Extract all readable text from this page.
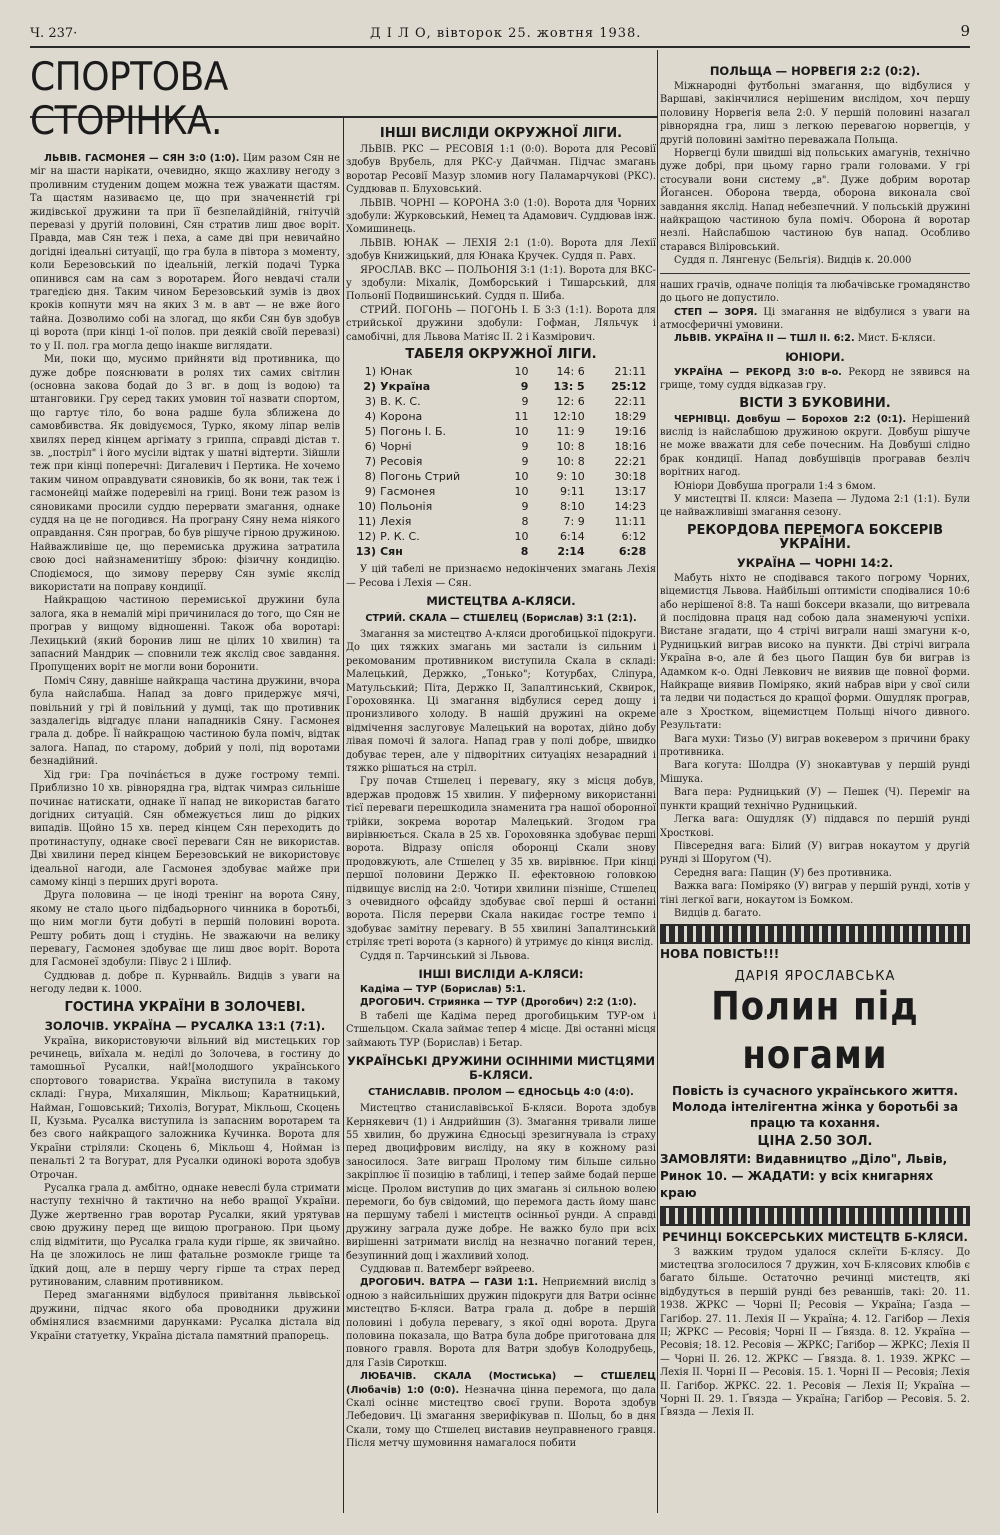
Ч. 237·	Д І Л О, вівторок 25. жовтня 1938.	9
СПОРТОВА СТОРІНКА.

ЛЬВІВ. ГАСМОНЕЯ — СЯН 3:0 (1:0). Цим разом Сян не міг на шасти нарікати, очевидно, якщо жахливу негоду з проливним студеним дощем можна теж уважати щастям. Та щастям називаємо це, що при значеннєтій грі жидівської дружини та при її безпелайдійній, гнітучій перевазі у другій половині, Сян стратив лиш двоє воріт. Правда, мав Сян теж і пеха, а саме дві при невичайно догідні ідеальні ситуації, що гра була в півтора з моменту, коли Березовський по ідеальній, легкій подачі Турка опинився сам на сам з воротарем. Його невдачі стали трагедією дня. Таким чином Березовський зумів із двох кроків копнути мяч на яких 3 м. в авт — не вже його тайна. Дозволимо собі на злогад, що якби Сян був здобув ці ворота (при кінці 1-ої полов. при деякій своїй перевазі) то у II. пол. гра могла дещо інакше виглядати.

Ми, поки що, мусимо прийняти від противника, що дуже добре пояснювати в ролях тих самих світлин (основна закова бодай до 3 вг. в дощ із водою) та штанговики. Гру серед таких умовин тої назвати спортом, що гартує тіло, бо вона радше була зближена до самовбивства. Як довідуємося, Турко, якому ліпар велів хвилях перед кінцем аргімату з гриппа, справді дістав т. зв. „постріл" і його мусіли відтак у шатні відтерти. Зійшли теж при кінці поперечні: Дигалевич і Пертика. Не хочемо таким чином оправдувати сяновиків, бо як вони, так теж і гасмонейці майже подеревілі на гриці. Вони теж разом із сяновиками просили суддю перервати змагання, однаке суддя на це не погодився. На програну Сяну нема ніякого оправдання. Сян програв, бо був рішуче гірною дружиною. Найважливіше це, що перемиська дружина затратила свою досі найзнаменитішу зброю: фізичну кондицію. Сподіємося, що зимову перерву Сян зуміє якслід використати на поправу кондиції.

Найкращою частиною перемиської дружини була залога, яка в немалій мірі причинилася до того, що Сян не програв у вищому відношенні. Також оба воротарі: Лехицький (який боронив лиш не цілих 10 хвилин) та запасний Мандрик — сповнили теж якслід своє завдання. Пропущених воріт не могли вони боронити.

Поміч Сяну, давніше найкраща частина дружини, вчора була найслабша. Напад за довго придержує мячі, повільний у грі й повільний у думці, так що противник заздалегідь відгадує плани нападників Сяну. Гасмонея грала д. добре. Її найкращою частиною була поміч, відтак залога. Напад, по старому, добрий у полі, під воротами безнадійний.

Хід гри: Гра почináється в дуже гострому темпі. Приблизно 10 хв. рівнорядна гра, відтак чимраз сильніше починає натискати, однаке її напад не використав багато догідних ситуацій. Сян обмежується лиш до рідких випадів. Щойно 15 хв. перед кінцем Сян переходить до протинаступу, однаке своєї переваги Сян не використав. Дві хвилини перед кінцем Березовський не використовує ідеальної нагоди, але Гасмонея здобуває майже при самому кінці з перших другі ворота.

Друга половина — це іноді тренінг на ворота Сяну, якому не стало цього підбадьорного чинника в боротьбі, що ним могли бути добуті в першій половині ворота. Решту робить дощ і студінь. Не зважаючи на велику перевагу, Гасмонея здобуває ще лиш двоє воріт. Ворота для Гасмонеї здобули: Півус 2 і Шлиф.

Суддював д. добре п. Курнвайль. Видців з уваги на негоду ледви к. 1000.

ГОСТИНА УКРАЇНИ В ЗОЛОЧЕВІ.
ЗОЛОЧІВ. УКРАЇНА — РУСАЛКА 13:1 (7:1).

Україна, використовуючи вільний від мистецьких гор речинець, виїхала м. неділі до Золочева, в гостину до тамошньої Русалки, най![молодшого українського спортового товариства. Україна виступила в такому складі: Гнура, Михаляшин, Мікльош; Каратницький, Найман, Гошовський; Тихоліз, Вогурат, Мікльош, Скоцень II, Кузьма. Русалка виступила із запасним воротарем та без свого найкращого заложника Кучинка. Ворота для України стріляли: Скоцень 6, Мікльош 4, Нойман із пенальті 2 та Вогурат, для Русалки одинокі ворота здобув Отрочан.

Русалка грала д. амбітно, однаке невеслі була стримати наступу технічно й тактично на небо вращої України. Дуже жертвенно грав воротар Русалки, який урятував свою дружину перед ще вищою програною. При цьому слід відмітити, що Русалка грала куди гірше, як звичайно. На це зложилось не лиш фатальне розмокле грище та їдкий дощ, але в першу чергу гірше та страх перед рутинованим, славним противником.

Перед змаганнями відбулося привітання львівської дружини, підчас якого оба проводники дружини обмінялися взаємними дарунками: Русалка дістала від України статуетку, Україна дістала памятний прапорець.

ІНШІ ВИСЛІДИ ОКРУЖНОЇ ЛІГИ.

ЛЬВІВ. РКС — РЕСОВІЯ 1:1 (0:0). Ворота для Ресовії здобув Врубель, для РКС-у Дайчман. Підчас змагань воротар Ресовії Мазур зломив ногу Паламарчукові (РКС). Суддював п. Блуховський.

ЛЬВІВ. ЧОРНІ — КОРОНА 3:0 (1:0). Ворота для Чорних здобули: Журковський, Немец та Адамович. Суддював інж. Хомишинець.

ЛЬВІВ. ЮНАК — ЛЕХІЯ 2:1 (1:0). Ворота для Лехії здобув Книжицький, для Юнака Кручек. Суддя п. Равх.

ЯРОСЛАВ. ВКС — ПОЛЬОНІЯ 3:1 (1:1). Ворота для ВКС-у здобули: Міхалік, Домборський і Тишарський, для Польонії Подвишинський. Суддя п. Шиба.

СТРИЙ. ПОГОНЬ — ПОГОНЬ І. Б 3:3 (1:1). Ворота для стрийської дружини здобули: Гофман, Ляльчук і самобічні, для Львова Матіяс II. 2 і Казмірович.

ТАБЕЛЯ ОКРУЖНОЇ ЛІГИ.
1)	Юнак	10	14: 6	21:11
2)	Україна	9	13: 5	25:12
3)	В. К. С.	9	12: 6	22:11
4)	Корона	11	12:10	18:29
5)	Погонь І. Б.	10	11: 9	19:16
6)	Чорні	9	10: 8	18:16
7)	Ресовія	9	10: 8	22:21
8)	Погонь Стрий	10	9: 10	30:18
9)	Гасмонея	10	9:11	13:17
10)	Польонія	9	8:10	14:23
11)	Лехія	8	7: 9	11:11
12)	Р. К. С.	10	6:14	6:12
13)	Сян	8	2:14	6:28

У цій табелі не признаємо недокінчених змагань Лехія — Ресова і Лехія — Сян.

МИСТЕЦТВА А-КЛЯСИ.
СТРИЙ. СКАЛА — СТШЕЛЕЦ (Борислав) 3:1 (2:1).

Змагання за мистецтво А-кляси дрогобицької підокруги. До цих тяжких змагань ми застали із сильним і рекомованим противником виступила Скала в складі: Малецький, Держко, „Тонько"; Котурбах, Сліпура, Матульський; Піта, Держко II, Запалтинський, Сквирок, Гороховянка. Ці змагання відбулися серед дощу і пронизливого холоду. В нашій дружині на окреме відмічення заслуговує Малецький на воротах, дійно добу лівая помочі й залога. Напад грав у полі добре, швидко добуває терен, але у підворітних ситуаціях незарадний і тяжко рішаться на стріл.

Гру почав Стшелец і перевагу, яку з місця добув, вдержав продовж 15 хвилин. У пиферному використанні тієї переваги перешкодила знаменита гра нашої оборонної трійки, зокрема воротар Малецький. Згодом гра вирівнюється. Скала в 25 хв. Гороховянка здобуває перші ворота. Відразу опісля оборонці Скали знову продовжують, але Стшелец у 35 хв. вирівнює. При кінці першої половини Держко II. ефектовною головкою підвищує вислід на 2:0. Чотири хвилини пізніше, Стшелец з очевидного офсайду здобуває свої перші й останні ворота. Після перерви Скала накидає гостре темпо і здобуває замітну перевагу. В 55 хвилині Запалтинський стріляє треті ворота (з карного) й утримує до кінця вислід.

Суддя п. Тарчинський зі Львова.

ІНШІ ВИСЛІДИ А-КЛЯСИ:

Кадіма — ТУР (Борислав) 5:1.

ДРОГОБИЧ. Стриянка — ТУР (Дрогобич) 2:2 (1:0).

В табелі ще Кадіма перед дрогобицьким ТУР-ом і Стшельцом. Скала займає тепер 4 місце. Дві останні місця займають ТУР (Борислав) і Бетар.

УКРАЇНСЬКІ ДРУЖИНИ ОСІННІМИ МИСТЦЯМИ Б-КЛЯСИ.
СТАНИСЛАВІВ. ПРОЛОМ — ЄДНОСЬЦЬ 4:0 (4:0).

Мистецтво станиславівської Б-кляси. Ворота здобув Кернякевич (1) і Андрийшин (3). Змагання тривали лише 55 хвилин, бо дружина Єдносьці зрезигнувала із страху перед двоцифровим висліду, на яку в кожному разі заносилося. Зате виграш Пролому тим більше сильно закріплює її позицію в таблиці, і тепер займе бодай перше місце. Пролом виступив до цих змагань зі сильною волею перемоги, бо був свідомий, що перемога дасть йому шанс на першуму табелі і мистецтв осінньої рунди. А справді дружину заграла дуже добре. Не важко було при всіх вирішенні затримати вислід на незначно поганий терен, безупинний дощ і жахливий холод.

Суддював п. Ватемберг вэйреево.

ДРОГОБИЧ. ВАТРА — ГАЗИ 1:1. Неприємний вислід з одною з найсильніших дружин підокруги для Ватри осіннє мистецтво Б-кляси. Ватра грала д. добре в першій половині і добула перевагу, з якої одні ворота. Друга половина показала, що Ватра була добре приготована для повного гравля. Ворота для Ватри здобув Колодрубець, для Газів Сироткш.

ЛЮБАЧІВ. СКАЛА (Мостиська) — СТШЕЛЕЦ (Любачів) 1:0 (0:0). Незначна цінна перемога, що дала Скалі осіннє мистецтво своєї групи. Ворота здобув Лебедович. Ці змагання зверифікував п. Шольц, бо в дня Скали, тому що Стшелец виставив неуправненого гравця. Після метчу шумовиння намагалося побити

ПОЛЬЩА — НОРВЕГІЯ 2:2 (0:2).

Міжнародні футбольні змагання, що відбулися у Варшаві, закінчилися нерішеним вислідом, хоч першу половину Норвегія вела 2:0. У першій половині назагал рівнорядна гра, лиш з легкою перевагою норвегців, у другій половині замітно переважала Польща.

Норвегці були швидші від польських амагунів, технічно дуже добрі, при цьому гарно грали головами. У грі стосували вони систему „в". Дуже добрим воротар Йогансен. Оборона тверда, оборона виконала свої завдання якслід. Напад небезпечний. У польській дружині найкращою частиною була поміч. Оборона й воротар незлі. Найслабшою частиною був напад. Особливо старався Віліровський.

Суддя п. Лянгенус (Бельгія). Видців к. 20.000

наших грачів, одначе поліція та любачівське громадянство до цього не допустило.

СТЕП — ЗОРЯ. Ці змагання не відбулися з уваги на атмосферичні умовини.

ЛЬВІВ. УКРАЇНА II — ТШЛ II. 6:2. Мист. Б-кляси.

ЮНІОРИ.

УКРАЇНА — РЕКОРД 3:0 в-о. Рекорд не зявився на грище, тому суддя відказав гру.

ВІСТИ З БУКОВИНИ.

ЧЕРНІВЦІ. Довбуш — Борохов 2:2 (0:1). Нерішений вислід із найслабшою дружиною округи. Довбуш рішуче не може вважати для себе почесним. На Довбуші слідно брак кондиції. Напад довбушівців програвав безліч ворітних нагод.

Юніори Довбуша програли 1:4 з 6мом.

У мистецтві II. кляси: Мазепа — Лудома 2:1 (1:1). Були це найважливіші змагання сезону.

РЕКОРДОВА ПЕРЕМОГА БОКСЕРІВ УКРАЇНИ.
УКРАЇНА — ЧОРНІ 14:2.

Мабуть ніхто не сподівався такого погрому Чорних, віцемистця Львова. Найбільші оптимісти сподівалися 10:6 або нерішеної 8:8. Та наші боксери вказали, що витревала й послідовна праця над собою дала знаменуючі успіхи. Вистане згадати, що 4 стрічі виграли наші змагуни к-о, Рудницький виграв високо на пункти. Дві стрічі виграла Україна в-о, але й без цього Пащин був би виграв із Адамком к-о. Одні Левкович не виявив ще повної форми. Найкраще виявив Поміряко, який набрав віри у свої сили та ледви чи подасться до кращої форми. Ошудляк програв, але з Хростком, віцемистцем Польщі нічого дивного. Результати:

Вага мухи: Тизьо (У) виграв вокевером з причини браку противника.

Вага когута: Шолдра (У) знокавтував у першій рунді Мішука.

Вага пера: Рудницький (У) — Пешек (Ч). Переміг на пункти кращий технічно Рудницький.

Легка вага: Ошудляк (У) піддався по першій рунді Хростковi.

Півсередня вага: Білий (У) виграв нокаутом у другій рунді зі Шоругом (Ч).

Середня вага: Пащин (У) без противника.

Важка вага: Поміряко (У) виграв у першій рунді, хотів у тіні легкої ваги, нокаутом із Бомком.

Видців д. багато.

НОВА ПОВІСТЬ!!!
ДАРІЯ ЯРОСЛАВСЬКА
Полин під ногами
Повість із сучасного українського життя. Молода інтелігентна жінка у боротьбі за працю та кохання.
ЦІНА 2.50 ЗОЛ.
ЗАМОВЛЯТИ: Видавництво „Діло", Львів, Ринок 10. — ЖАДАТИ: у всіх книгарнях краю
РЕЧИНЦІ БОКСЕРСЬКИХ МИСТЕЦТВ Б-КЛЯСИ.

З важким трудом удалося склеїти Б-клясу. До мистецтва зголосилося 7 дружин, хоч Б-клясових клюбів є багато більше. Остаточно речинці мистецтв, які відбудуться в першій рунді без реваншів, такі: 20. 11. 1938. ЖРКС — Чорні II; Ресовія — Україна; Ґазда — Гагібор. 27. 11. Лехія II — Україна; 4. 12. Гагібор — Лехія II; ЖРКС — Ресовія; Чорні II — Ґвязда. 8. 12. Україна — Ресовія; 18. 12. Ресовія — ЖРКС; Гагібор — ЖРКС; Лехія II — Чорні II. 26. 12. ЖРКС — Ґвязда. 8. 1. 1939. ЖРКС — Лехія II. Чорні II — Ресовія. 15. 1. Чорні II — Ресовія; Лехія II. Гагібор. ЖРКС. 22. 1. Ресовія — Лехія II; Україна — Чорні II. 29. 1. Ґвязда — Україна; Гагібор — Ресовія. 5. 2. Ґвязда — Лехія II.
